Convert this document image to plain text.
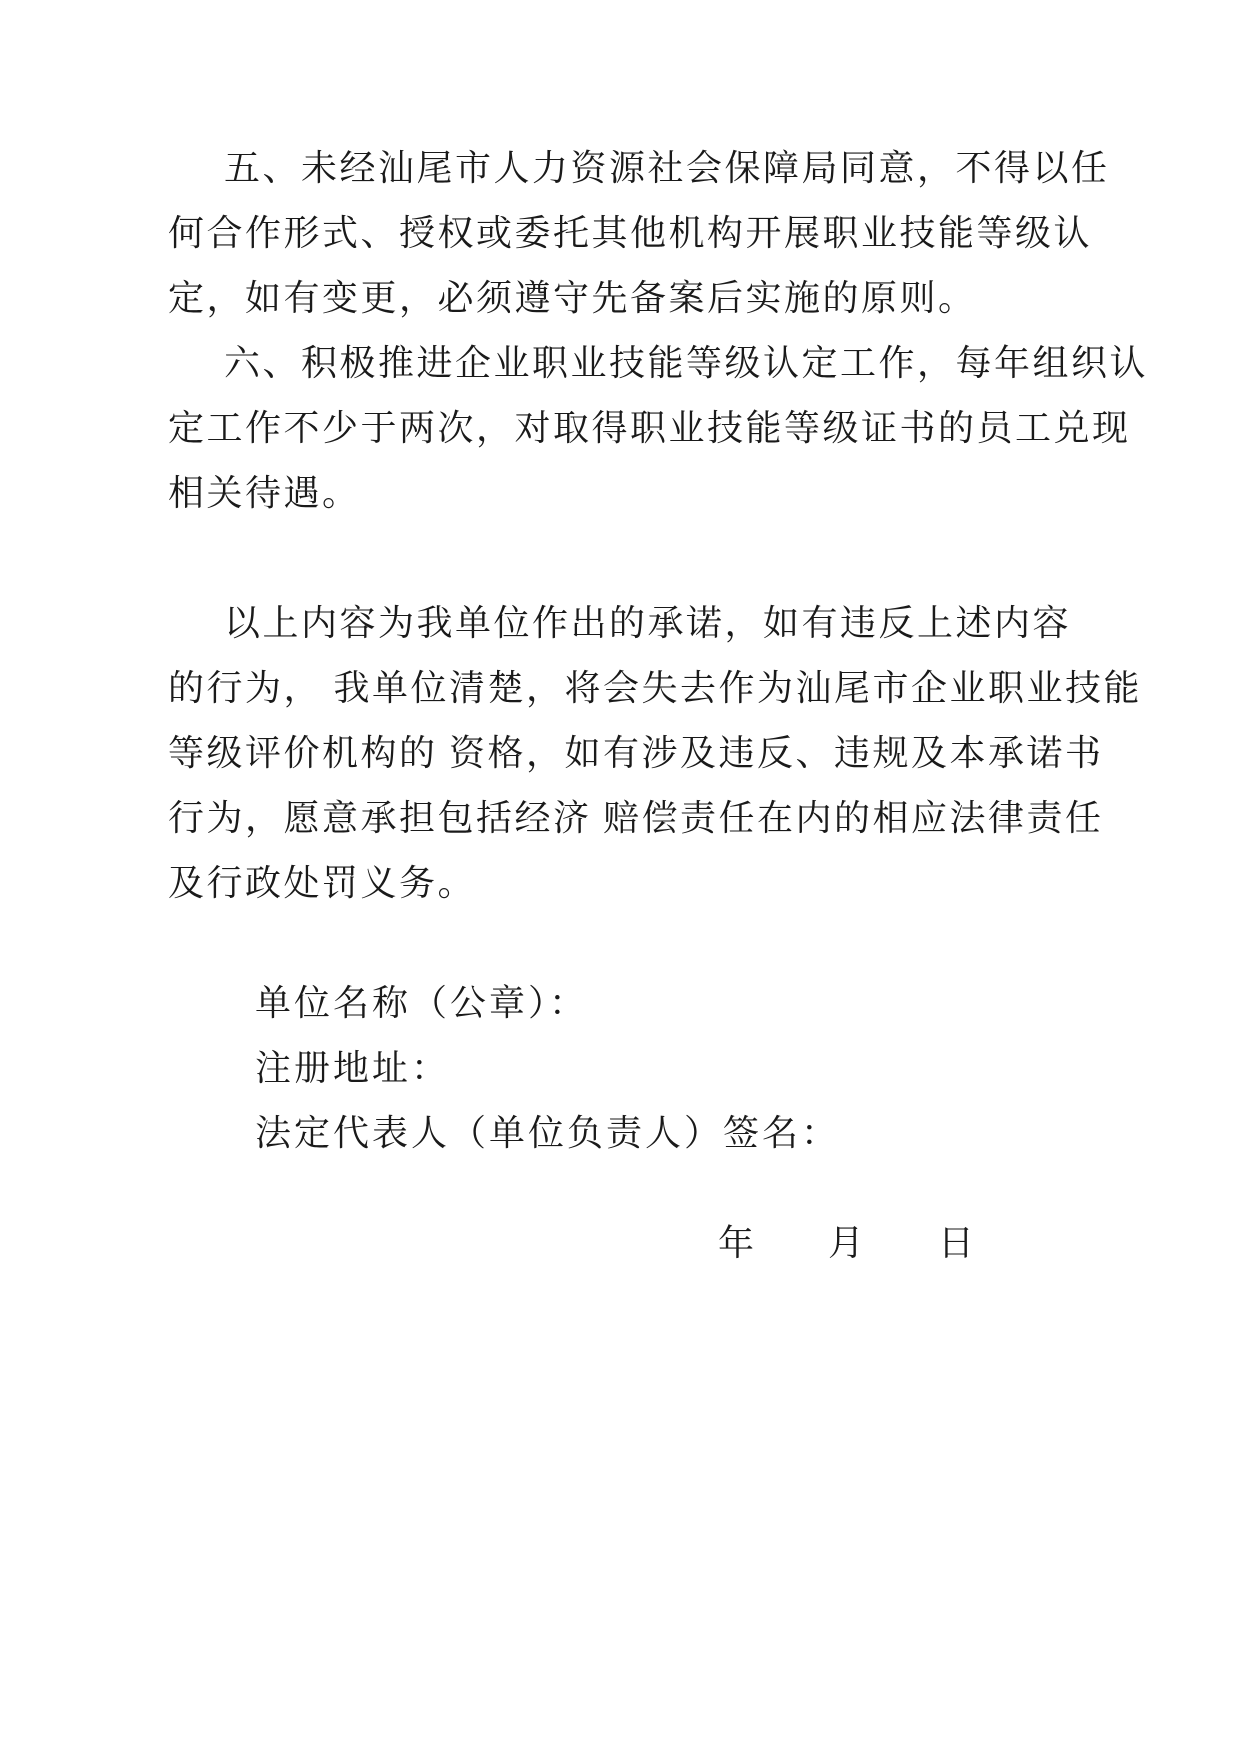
五、未经汕尾市人力资源社会保障局同意，不得以任
何合作形式、授权或委托其他机构开展职业技能等级认
定，如有变更，必须遵守先备案后实施的原则。
六、积极推进企业职业技能等级认定工作，每年组织认
定工作不少于两次，对取得职业技能等级证书的员工兑现
相关待遇。
以上内容为我单位作出的承诺，如有违反上述内容
的行为， 我单位清楚，将会失去作为汕尾市企业职业技能
等级评价机构的 资格，如有涉及违反、违规及本承诺书
行为，愿意承担包括经济 赔偿责任在内的相应法律责任
及行政处罚义务。
单位名称（公章）：
注册地址：
法定代表人（单位负责人）签名：
年 月 日
